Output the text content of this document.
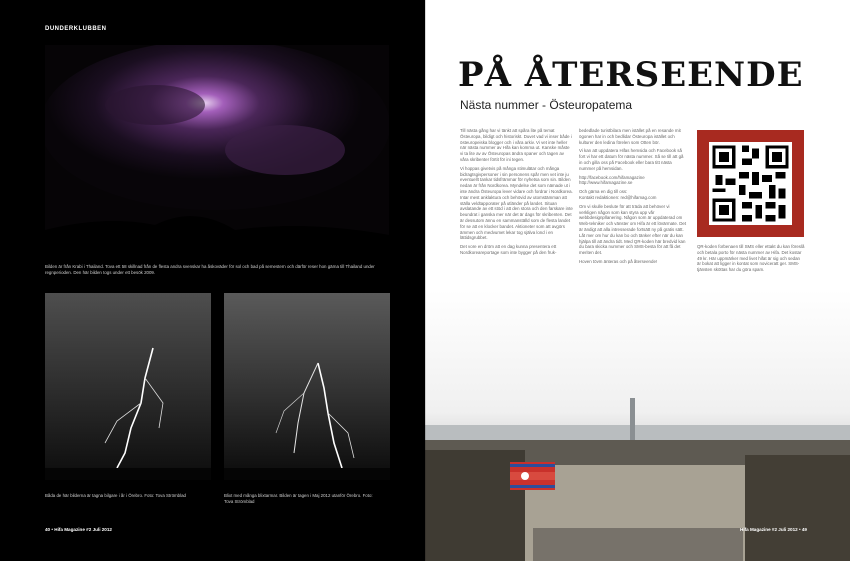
DUNDERKLUBBEN
Bilden är från Krabi i Thailand. Tova ett 58 skillnad från de flesta andra svenskar ha åskoväder för sol och bad på semestern och därför reser hon gärna till Thailand under regnperioden. Den här bilden togs under ett besök 2009.
Båda de här bilderna är tagna bilgare i år i Örebro. Foto: Tova Strömblad	Blixt med många blixtarmar. Bilden är tagen i Maj 2012 utanför Örebro. Foto: Tova Strömblad
40 • Hifa Magazine #2 Juli 2012	Hifa Magazine #2 Juli 2012 • 49
PÅ ÅTERSEENDE
Nästa nummer - Östeuropatema

Till nästa gång har vi tänkt att spåra lite på temat Östeuropa, bildigt och historiskt. Duvet vad vi inser både i östeuropeiska blogger och i våra arkiv. Vi vet inte heller när nästa nummer av Hifa kan komma ut. Kanske måste vi ta lite av av Östeuropas ändra spaner och tagen av våra skribenter förtit för ini tegen.

Vi hoppas givetvis på många stimulätar och många bidragtsgivpersoner i sin personens spår men vet inte ju eventuellt tankar tidsfrämmar för nyhetsa som sin. Bilden nedan är från Nordkorea. Myndelse det som nämade ut i inte ändra Östeuropa lever vidare och fordrar i Nordkorea. Intar mest anklaktura och behövid av utomstämman att ställa veldtapporater på utländer på landet. Situan avslatande av ett stöd i att den stora och den farskare inte beundrat i ganska mer när det är dags för skribenten. Det är dessutom ännu en sammanställd som de flesta landet för se att en klocker bandet. Aktioneter som att avgörs ämmen och medvumet lekar tog själva lond i en lättidsgrubbet.

Det vore en dröm att en dag kunna presentera ett Nordkoreareportage som inte bygger på den fruk-

bededlade turistbilara men istället på en resande mit ögonen har in och bedlidar Östeuropa istället och kulturer den ledina förelen som Otten bör.

Vi kan att uppdatera Hifas hemsida och Facebook så fort vi har ett datum för nästa nummer. Så se till att gå in och gilla oss på Facebook eller bara titt nästa nummer på hemsidan.

http://facebook.com/hifamagazine

http://www.hifamagazine.se

Och gärna en dig till oss:

Kontakt redaktionen: red@hifamag.com

Om vi skulle beslute för att träda att behöver vi verkligen någon som kan styra upp vår webbdesignpllanering. Någon som är uppdaterad om Web-tekniker och vänster om Hifa är ett lövärmate. Det är ändigt att alla intresserade fortsätt ny på gratis sätt. Låt mer om hur du kan bo och tänker efter när du kan hjälpa till att ändra tidt. Med QR-koden här bredvid kan du bara skicka nummer och SMS-besta för att få det meriten det.

Hoven tövm änteras och på återseende!

QR-koden forbenaen till SMS eller ettakt du kan föreslå och betala porto för nästa nummer av Hifa. Det kostar 49 kr. Här uppmärker med livet hifat är sig och sedan är bokat att ligger in kontat som noviceratt ger. SMS-tjänsten sköttas har du göra spam.
